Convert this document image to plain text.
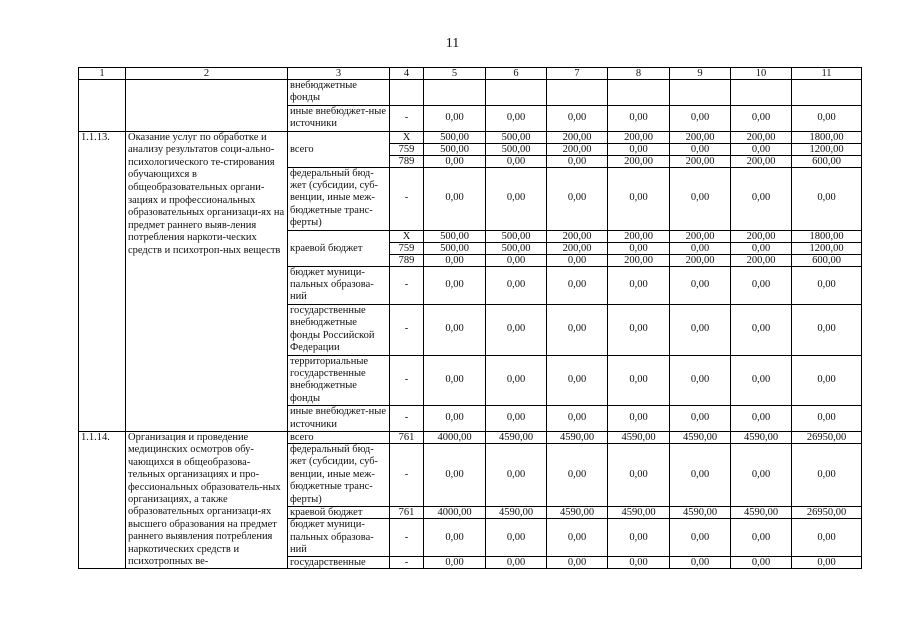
11
1	2	3	4	5	6	7	8	9	10	11
		внебюджетные фонды								
		иные внебюджет-ные источники	-	0,00	0,00	0,00	0,00	0,00	0,00	0,00
1.1.13.	Оказание услуг по обработке и анализу результатов соци-ально-психологического те-стирования обучающихся в общеобразовательных органи-зациях и профессиональных образовательных организаци-ях на предмет раннего выяв-ления потребления наркоти-ческих средств и психотроп-ных веществ	всего	X	500,00	500,00	200,00	200,00	200,00	200,00	1800,00
			759	500,00	500,00	200,00	0,00	0,00	0,00	1200,00
			789	0,00	0,00	0,00	200,00	200,00	200,00	600,00
		федеральный бюд-жет (субсидии, суб-венции, иные меж-бюджетные транс-ферты)	-	0,00	0,00	0,00	0,00	0,00	0,00	0,00
		краевой бюджет	X	500,00	500,00	200,00	200,00	200,00	200,00	1800,00
			759	500,00	500,00	200,00	0,00	0,00	0,00	1200,00
			789	0,00	0,00	0,00	200,00	200,00	200,00	600,00
		бюджет муници-пальных образова-ний	-	0,00	0,00	0,00	0,00	0,00	0,00	0,00
		государственные внебюджетные фонды Российской Федерации	-	0,00	0,00	0,00	0,00	0,00	0,00	0,00
		территориальные государственные внебюджетные фонды	-	0,00	0,00	0,00	0,00	0,00	0,00	0,00
		иные внебюджет-ные источники	-	0,00	0,00	0,00	0,00	0,00	0,00	0,00
1.1.14.	Организация и проведение медицинских осмотров обу-чающихся в общеобразова-тельных организациях и про-фессиональных образователь-ных организациях, а также образовательных организаци-ях высшего образования на предмет раннего выявления потребления наркотических средств и психотропных ве-	всего	761	4000,00	4590,00	4590,00	4590,00	4590,00	4590,00	26950,00
		федеральный бюд-жет (субсидии, суб-венции, иные меж-бюджетные транс-ферты)	-	0,00	0,00	0,00	0,00	0,00	0,00	0,00
		краевой бюджет	761	4000,00	4590,00	4590,00	4590,00	4590,00	4590,00	26950,00
		бюджет муници-пальных образова-ний	-	0,00	0,00	0,00	0,00	0,00	0,00	0,00
		государственные	-	0,00	0,00	0,00	0,00	0,00	0,00	0,00
